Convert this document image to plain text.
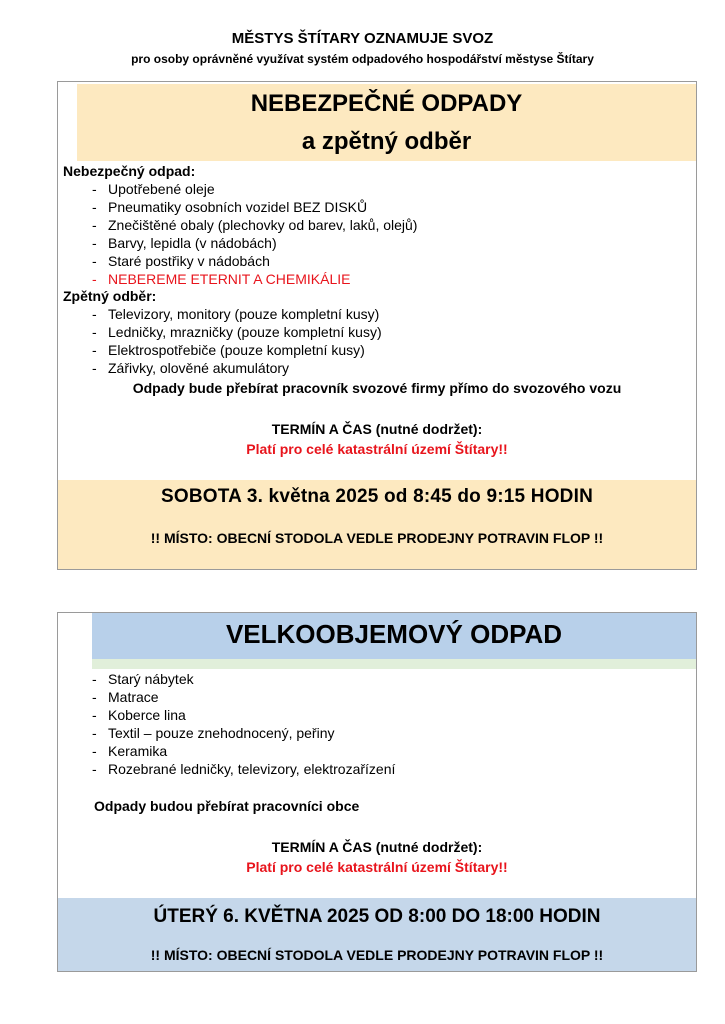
MĚSTYS ŠTÍTARY OZNAMUJE SVOZ
pro osoby oprávněné využívat systém odpadového hospodářství městyse Štítary
NEBEZPEČNÉ ODPADY
a zpětný odběr
Nebezpečný odpad:
- Upotřebené oleje
- Pneumatiky osobních vozidel BEZ DISKŮ
- Znečištěné obaly (plechovky od barev, laků, olejů)
- Barvy, lepidla (v nádobách)
- Staré postřiky v nádobách
- NEBEREME ETERNIT A CHEMIKÁLIE
Zpětný odběr:
- Televizory, monitory (pouze kompletní kusy)
- Ledničky, mrazničky (pouze kompletní kusy)
- Elektrospotřebiče (pouze kompletní kusy)
- Zářivky, olověné akumulátory
Odpady bude přebírat pracovník svozové firmy přímo do svozového vozu
TERMÍN A ČAS (nutné dodržet):
Platí pro celé katastrální území Štítary!!
SOBOTA 3. května 2025 od 8:45 do 9:15 HODIN
!! MÍSTO: OBECNÍ STODOLA VEDLE PRODEJNY POTRAVIN FLOP !!
VELKOOBJEMOVÝ ODPAD
- Starý nábytek
- Matrace
- Koberce lina
- Textil – pouze znehodnocený, peřiny
- Keramika
- Rozebrané ledničky, televizory, elektrozařízení
Odpady budou přebírat pracovníci obce
TERMÍN A ČAS (nutné dodržet):
Platí pro celé katastrální území Štítary!!
ÚTERÝ 6. KVĚTNA 2025 OD 8:00 DO 18:00 HODIN
!! MÍSTO: OBECNÍ STODOLA VEDLE PRODEJNY POTRAVIN FLOP !!
